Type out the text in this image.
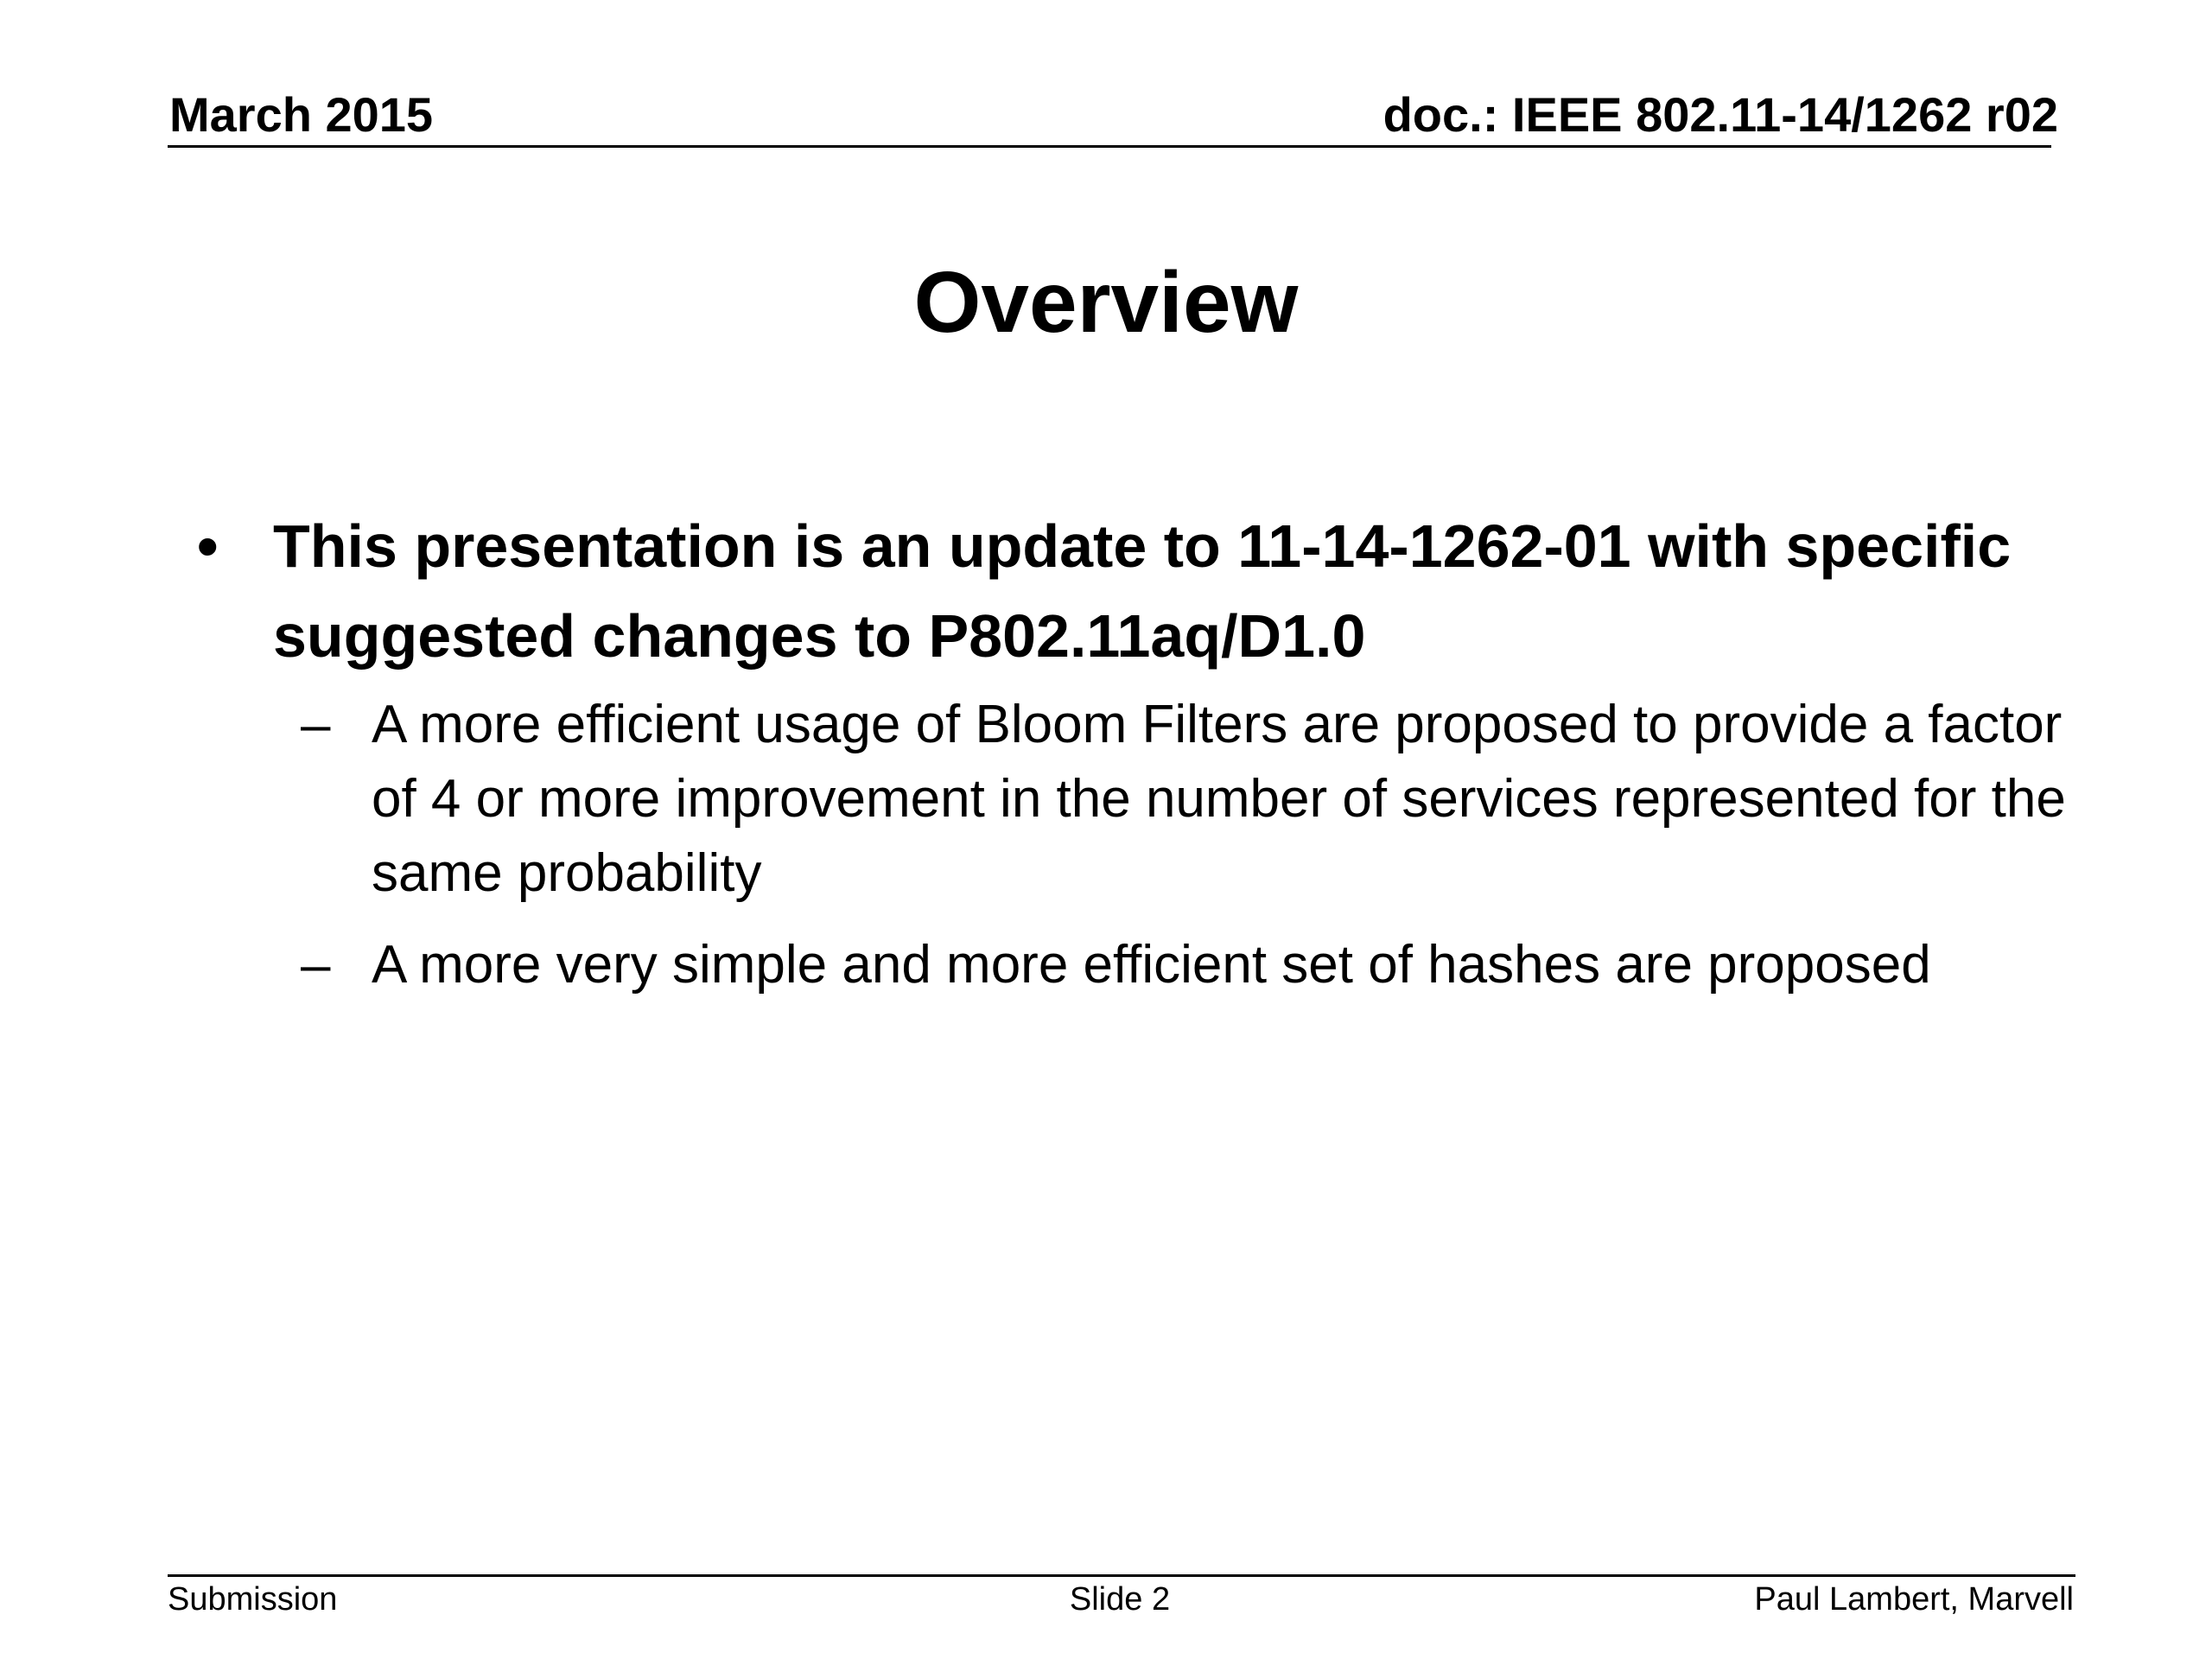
March 2015	doc.: IEEE 802.11-14/1262 r02
Overview
• This presentation is an update to 11-14-1262-01 with specific suggested changes to P802.11aq/D1.0
– A more efficient usage of Bloom Filters are proposed to provide a factor of 4 or more improvement in the number of services represented for the same probability
– A more very simple and more efficient set of hashes are proposed
Submission	Slide 2	Paul Lambert, Marvell
